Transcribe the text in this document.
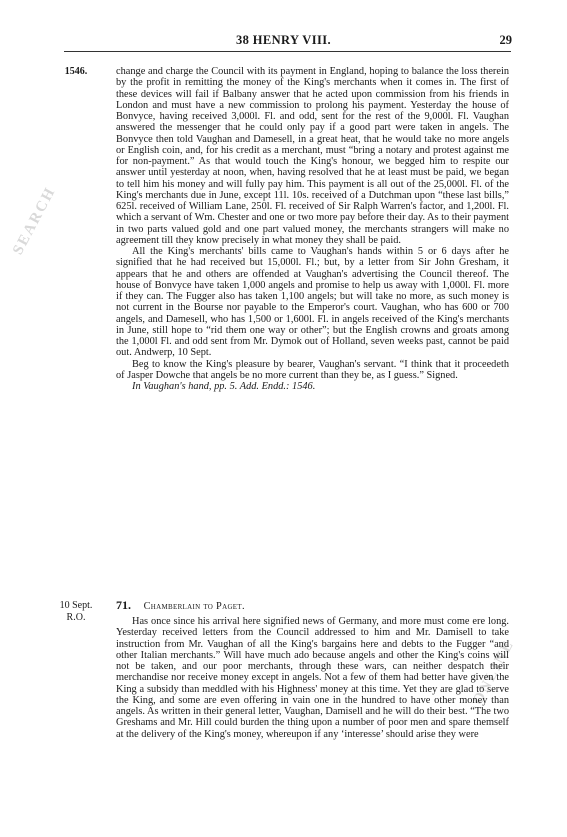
38 HENRY VIII.	29
SEARCH
ONLINE
1546.	change and charge the Council with its payment in England, hoping to balance the loss therein by the profit in remitting the money of the King's merchants when it comes in. The first of these devices will fail if Balbany answer that he acted upon commission from his friends in London and must have a new commission to prolong his payment. Yesterday the house of Bonvyce, having received 3,000l. Fl. and odd, sent for the rest of the 9,000l. Fl. Vaughan answered the messenger that he could only pay if a good part were taken in angels. The Bonvyce then told Vaughan and Damesell, in a great heat, that he would take no more angels or English coin, and, for his credit as a merchant, must “bring a notary and protest against me for non-payment.” As that would touch the King's honour, we begged him to respite our answer until yesterday at noon, when, having resolved that he at least must be paid, we began to tell him his money and will fully pay him. This payment is all out of the 25,000l. Fl. of the King's merchants due in June, except 11l. 10s. received of a Dutchman upon “these last bills,” 625l. received of William Lane, 250l. Fl. received of Sir Ralph Warren's factor, and 1,200l. Fl. which a servant of Wm. Chester and one or two more pay before their day. As to their payment in two parts valued gold and one part valued money, the merchants strangers will make no agreement till they know precisely in what money they shall be paid.

All the King's merchants' bills came to Vaughan's hands within 5 or 6 days after he signified that he had received but 15,000l. Fl.; but, by a letter from Sir John Gresham, it appears that he and others are offended at Vaughan's advertising the Council thereof. The house of Bonvyce have taken 1,000 angels and promise to help us away with 1,000l. Fl. more if they can. The Fugger also has taken 1,100 angels; but will take no more, as such money is not current in the Bourse nor payable to the Emperor's court. Vaughan, who has 600 or 700 angels, and Damesell, who has 1,500 or 1,600l. Fl. in angels received of the King's merchants in June, still hope to “rid them one way or other”; but the English crowns and groats among the 1,000l Fl. and odd sent from Mr. Dymok out of Holland, seven weeks past, cannot be paid out. Andwerp, 10 Sept.

Beg to know the King's pleasure by bearer, Vaughan's servant. “I think that it proceedeth of Jasper Dowche that angels be no more current than they be, as I guess.” Signed.

In Vaughan's hand, pp. 5. Add. Endd.: 1546.

10 Sept.
R.O.
71. Chamberlain to Paget.

Has once since his arrival here signified news of Germany, and more must come ere long. Yesterday received letters from the Council addressed to him and Mr. Damisell to take instruction from Mr. Vaughan of all the King's bargains here and debts to the Fugger “and other Italian merchants.” Will have much ado because angels and other the King's coins will not be taken, and our poor merchants, through these wars, can neither despatch their merchandise nor receive money except in angels. Not a few of them had better have given the King a subsidy than meddled with his Highness' money at this time. Yet they are glad to serve the King, and some are even offering in vain one in the hundred to have other money than angels. As written in their general letter, Vaughan, Damisell and he will do their best. “The two Greshams and Mr. Hill could burden the thing upon a number of poor men and spare themself at the delivery of the King's money, whereupon if any ‘interesse’ should arise they were
